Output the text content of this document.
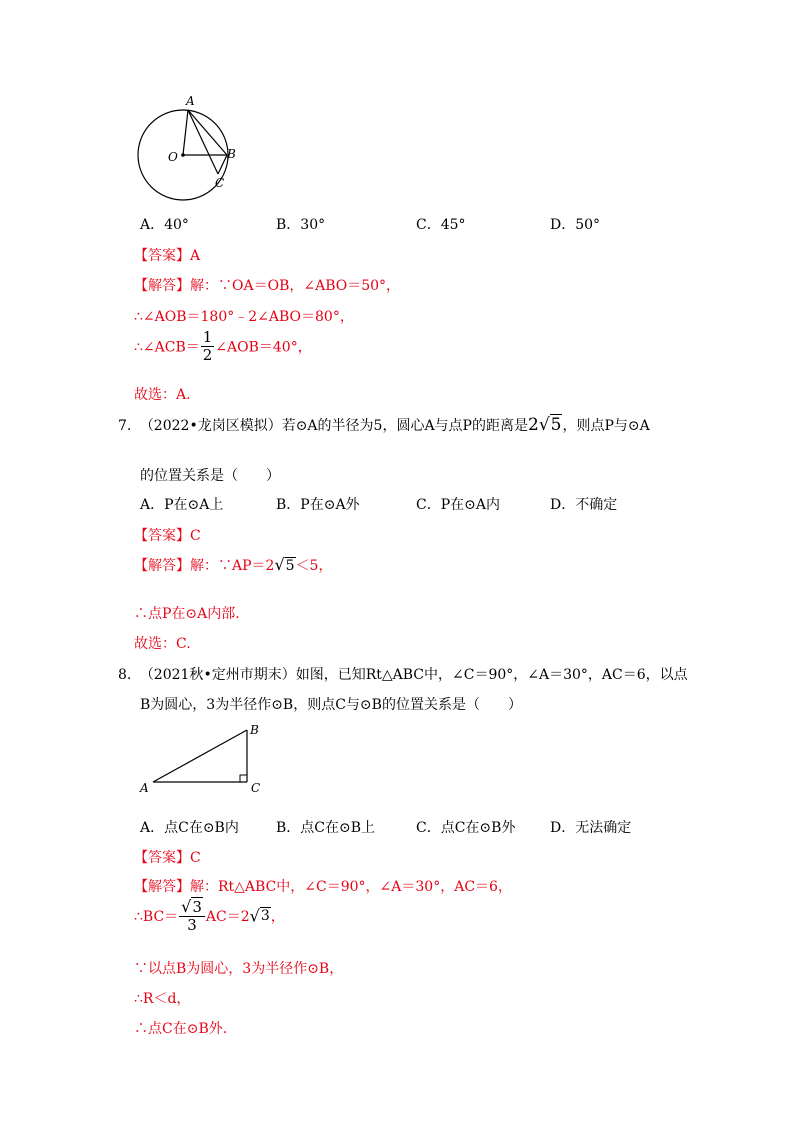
A
O	B
C
A．40°	B．30°	C．45°	D．50°
【答案】A
【解答】解：∵OA＝OB，∠ABO＝50°，
∴∠AOB＝180°﹣2∠ABO＝80°，
∴∠ACB＝ $\frac{1}{2}$ ∠AOB＝40°，
故选：A.
7. （2022•龙岗区模拟）若⊙A的半径为5，圆心A与点P的距离是2√5，则点P与⊙A
的位置关系是（　　）
A．P在⊙A上	B．P在⊙A外	C．P在⊙A内	D．不确定
【答案】C
【解答】解：∵AP＝2√5＜5，
∴点P在⊙A内部.
故选：C.
8. （2021秋•定州市期末）如图，已知Rt△ABC中，∠C＝90°，∠A＝30°，AC＝6，以点
B为圆心，3为半径作⊙B，则点C与⊙B的位置关系是（　　）
A
B
C
A．点C在⊙B内	B．点C在⊙B上	C．点C在⊙B外 D．无法确定
【答案】C
【解答】解：Rt△ABC中，∠C＝90°，∠A＝30°，AC＝6，
∴BC＝ $\frac{√3}{3} AC=2√3$，
∵以点B为圆心，3为半径作⊙B，
∴R＜d，
∴点C在⊙B外.
